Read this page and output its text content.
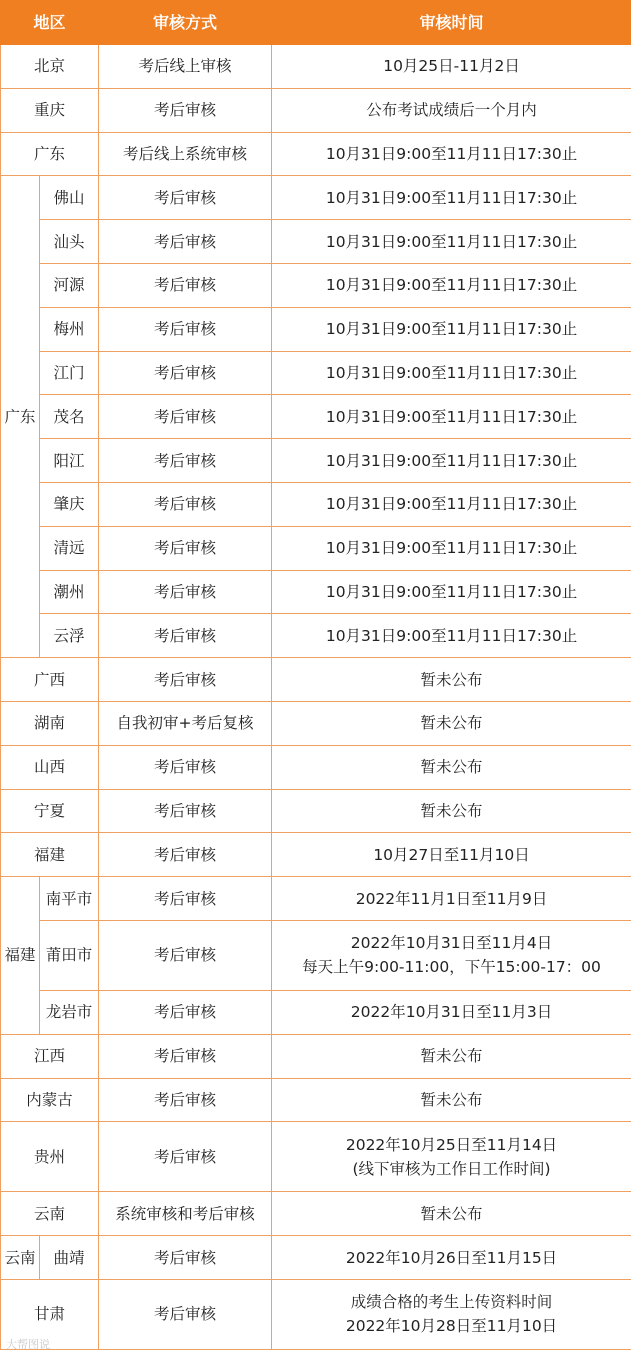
地区		审核方式	审核时间
北京		考后线上审核	10月25日-11月2日
重庆		考后审核	公布考试成绩后一个月内
广东		考后线上系统审核	10月31日9:00至11月11日17:30止
广东	佛山	考后审核	10月31日9:00至11月11日17:30止
	汕头	考后审核	10月31日9:00至11月11日17:30止
	河源	考后审核	10月31日9:00至11月11日17:30止
	梅州	考后审核	10月31日9:00至11月11日17:30止
	江门	考后审核	10月31日9:00至11月11日17:30止
	茂名	考后审核	10月31日9:00至11月11日17:30止
	阳江	考后审核	10月31日9:00至11月11日17:30止
	肇庆	考后审核	10月31日9:00至11月11日17:30止
	清远	考后审核	10月31日9:00至11月11日17:30止
	潮州	考后审核	10月31日9:00至11月11日17:30止
	云浮	考后审核	10月31日9:00至11月11日17:30止
广西		考后审核	暂未公布
湖南		自我初审+考后复核	暂未公布
山西		考后审核	暂未公布
宁夏		考后审核	暂未公布
福建		考后审核	10月27日至11月10日
福建	南平市	考后审核	2022年11月1日至11月9日
	莆田市	考后审核	2022年10月31日至11月4日
每天上午9:00-11:00，下午15:00-17：00

	龙岩市	考后审核	2022年10月31日至11月3日
江西		考后审核	暂未公布
内蒙古		考后审核	暂未公布
贵州		考后审核	2022年10月25日至11月14日
(线下审核为工作日工作时间)

云南		系统审核和考后审核	暂未公布
云南	曲靖	考后审核	2022年10月26日至11月15日
甘肃		考后审核	成绩合格的考生上传资料时间
2022年10月28日至11月10日
大帮图说
